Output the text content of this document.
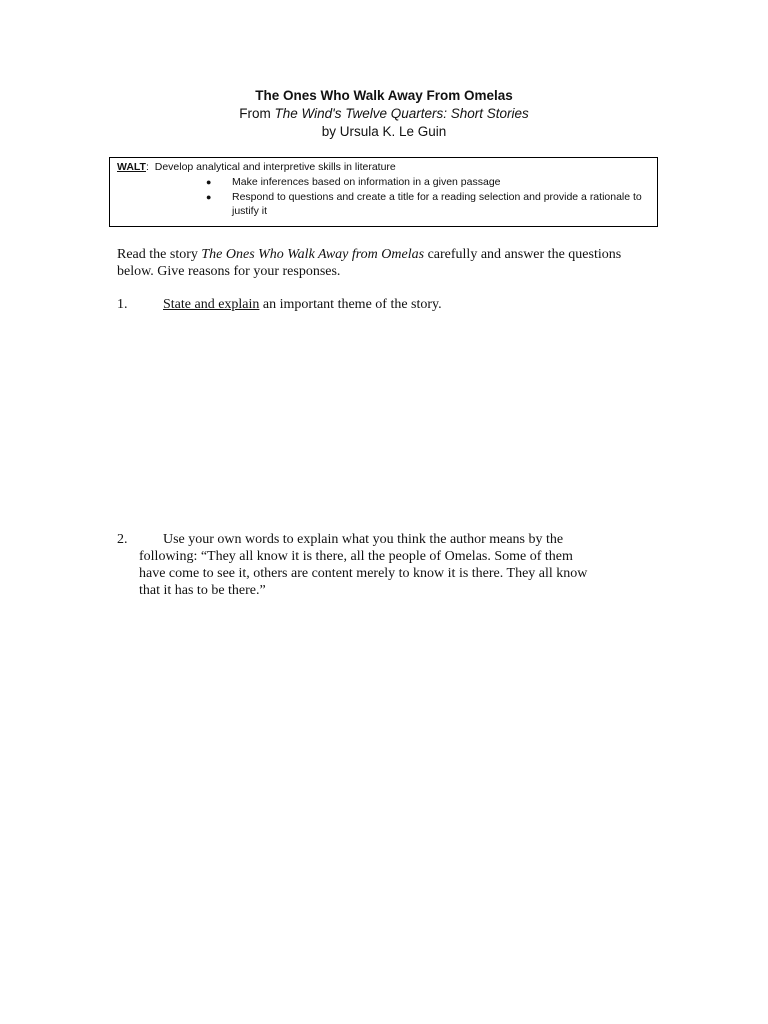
The Ones Who Walk Away From Omelas
From The Wind's Twelve Quarters: Short Stories
by Ursula K. Le Guin
WALT: Develop analytical and interpretive skills in literature
● Make inferences based on information in a given passage
● Respond to questions and create a title for a reading selection and provide a rationale to justify it
Read the story The Ones Who Walk Away from Omelas carefully and answer the questions below. Give reasons for your responses.
1.	State and explain an important theme of the story.
2.	Use your own words to explain what you think the author means by the
following: “They all know it is there, all the people of Omelas. Some of them
have come to see it, others are content merely to know it is there. They all know
that it has to be there.”
